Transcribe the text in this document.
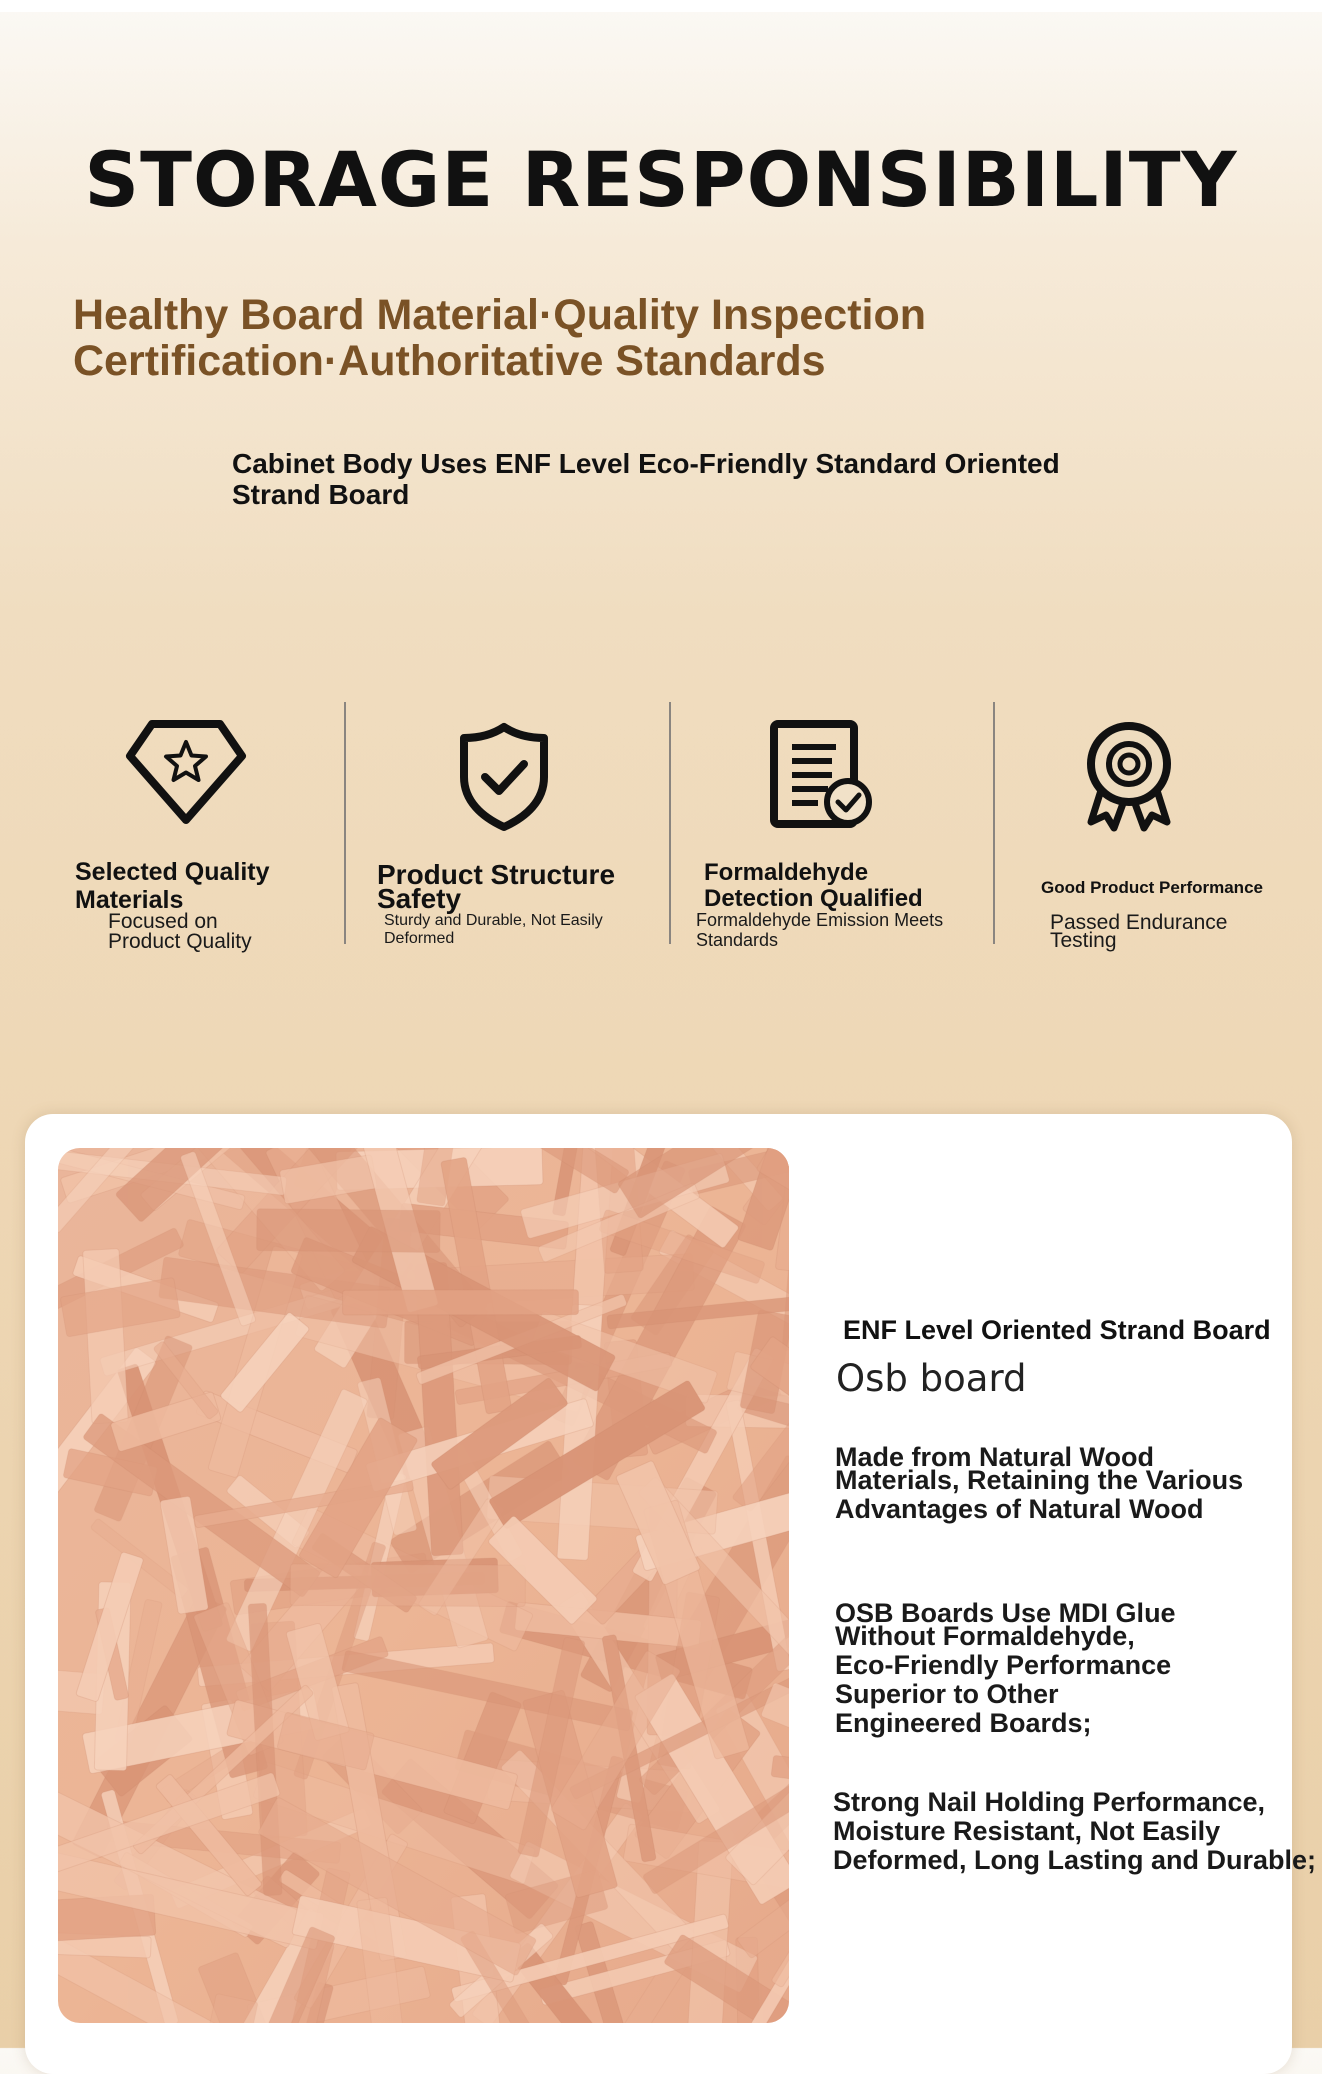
STORAGE RESPONSIBILITY
Healthy Board Material·Quality Inspection
Certification·Authoritative Standards
Cabinet Body Uses ENF Level Eco-Friendly Standard Oriented
Strand Board
Selected Quality
Materials
Focused on
Product Quality
Product Structure
Safety
Sturdy and Durable, Not Easily
Deformed
Formaldehyde
Detection Qualified
Formaldehyde Emission Meets
Standards
Good Product Performance
Passed Endurance
Testing
ENF Level Oriented Strand Board
Osb board
Made from Natural Wood
Materials, Retaining the Various
Advantages of Natural Wood
OSB Boards Use MDI Glue
Without Formaldehyde,
Eco-Friendly Performance
Superior to Other
Engineered Boards;
Strong Nail Holding Performance,
Moisture Resistant, Not Easily
Deformed, Long Lasting and Durable;
